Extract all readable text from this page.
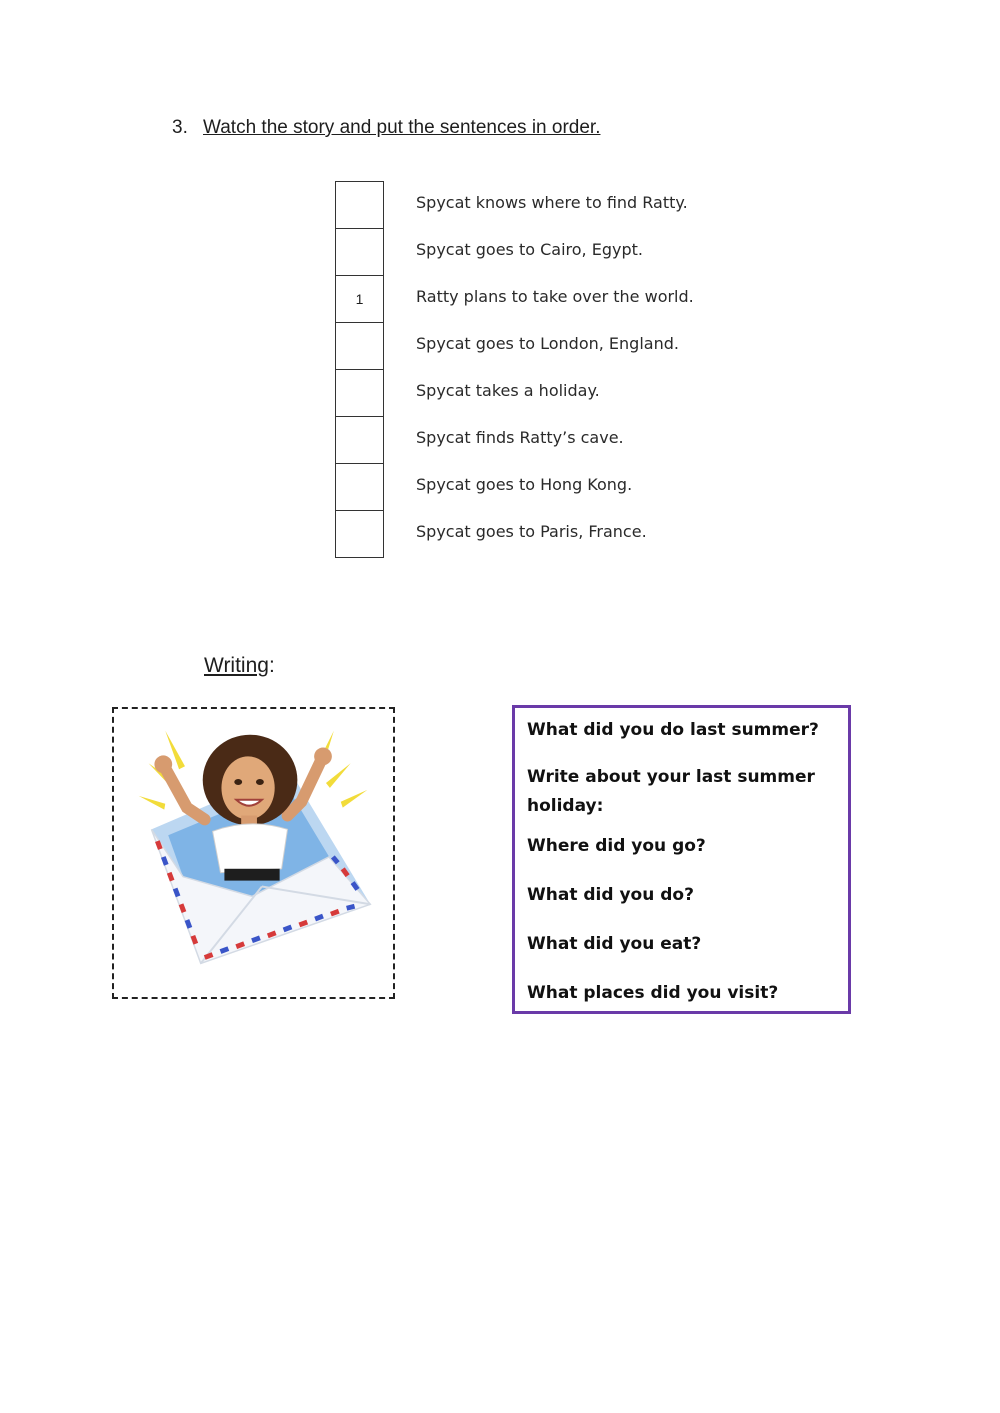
3. Watch the story and put the sentences in order.
1
Spycat knows where to find Ratty.
Spycat goes to Cairo, Egypt.
Ratty plans to take over the world.
Spycat goes to London, England.
Spycat takes a holiday.
Spycat finds Ratty’s cave.
Spycat goes to Hong Kong.
Spycat goes to Paris, France.
Writing:
What did you do last summer?
Write about your last summer holiday:
Where did you go?
What did you do?
What did you eat?
What places did you visit?
